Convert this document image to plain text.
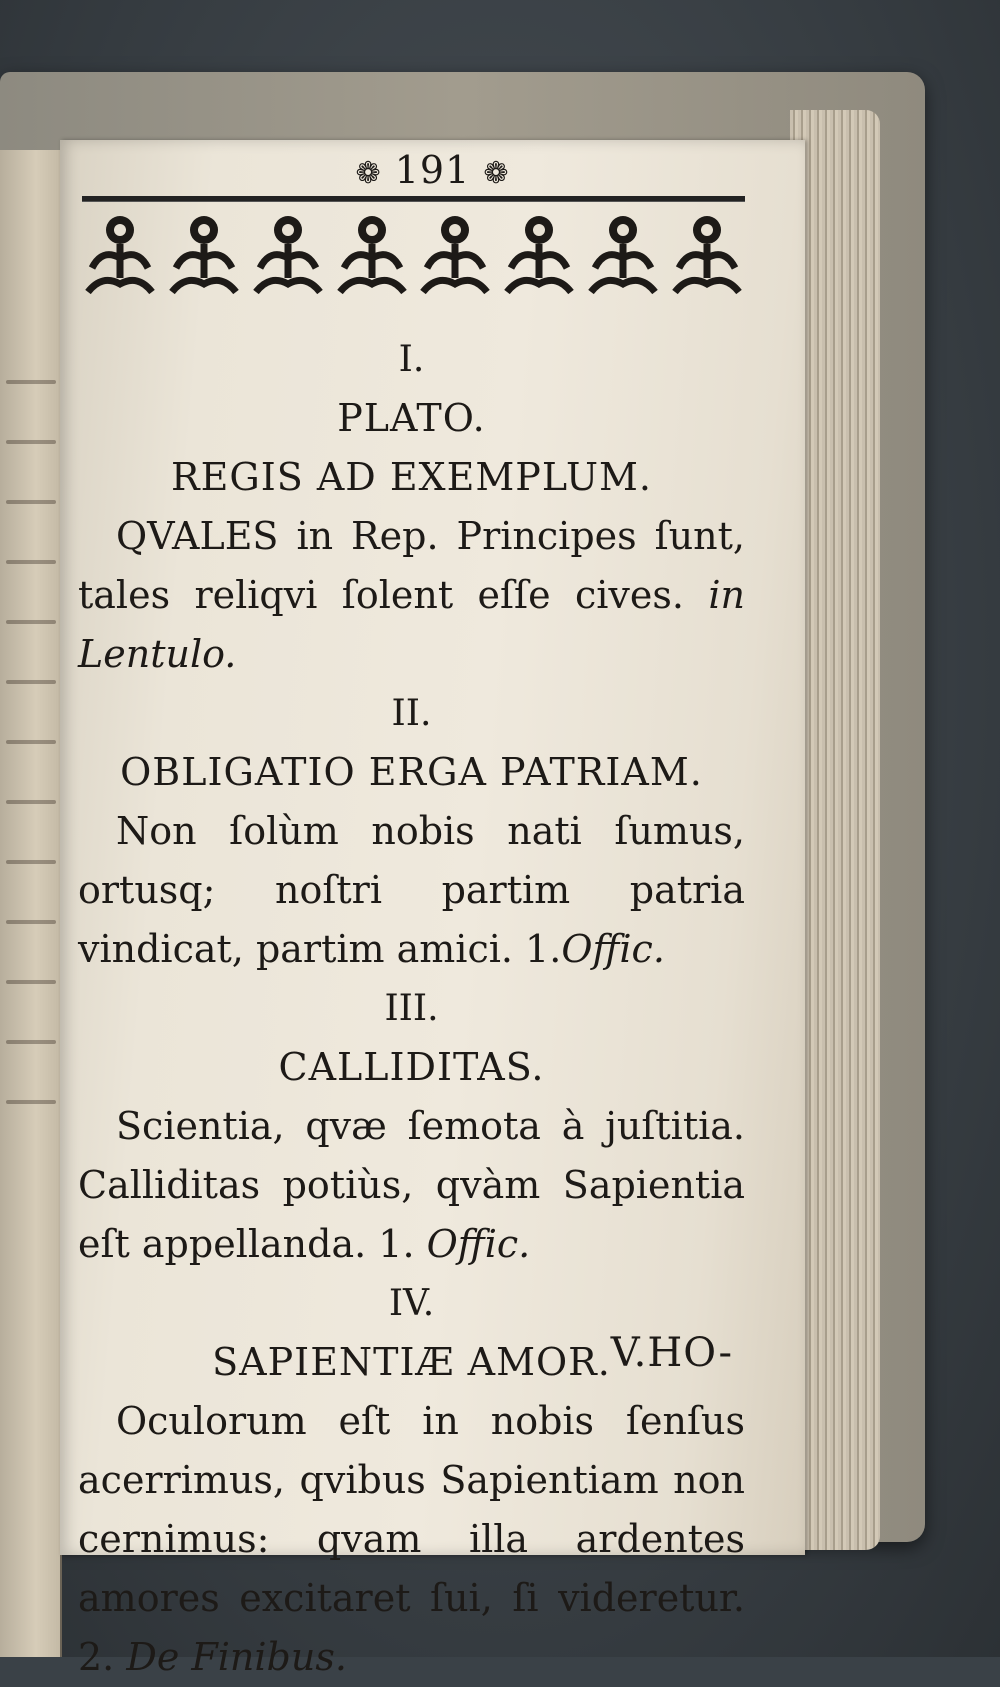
❁ 191 ❁
I.
PLATO.
REGIS AD EXEMPLUM.
QVALES in Rep. Principes ſunt, tales reliqvi ſolent eſſe cives. in Lentulo.
II.
OBLIGATIO ERGA PATRIAM.
Non ſolùm nobis nati ſumus, ortusq; noſtri partim patria vindicat, partim amici. 1.Offic.
III.
CALLIDITAS.
Scientia, qvæ ſemota à juſtitia. Calliditas potiùs, qvàm Sapientia eſt appellanda. 1. Offic.
IV.
SAPIENTIÆ AMOR.
Oculorum eſt in nobis ſenſus acerrimus, qvibus Sapientiam non cernimus: qvam illa ardentes amores excitaret ſui, ſi videretur. 2. De Finibus.
V.HO-
